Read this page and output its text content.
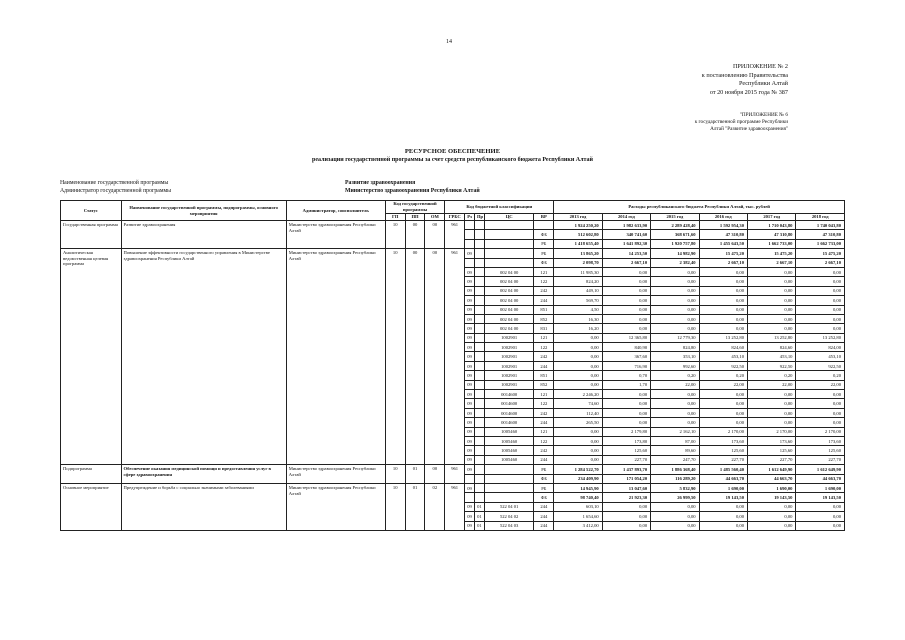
14
ПРИЛОЖЕНИЕ № 2
к постановлению Правительства
Республики Алтай
от 20 ноября 2015 года № 387
"ПРИЛОЖЕНИЕ № 6
к государственной программе Республики
Алтай "Развитие здравоохранения"
РЕСУРСНОЕ ОБЕСПЕЧЕНИЕ
реализации государственной программы за счет средств республиканского бюджета Республики Алтай
Наименование государственной программы
Администратор государственной программы
Развитие здравоохранения
Министерство здравоохранения Республики Алтай
Статус	Наименование государственной программы, подпрограммы, основного мероприятия	Администратор, соисполнитель	Код государственной программы			Код бюджетной классификации					Расходы республиканского бюджета Республики Алтай, тыс. рублей					
			ГП	ПП	ОМ	ГРБС	Рз	Пр	ЦС	ВР	2013 год	2014 год	2015 год	2016 год	2017 год	2018 год
Государственная программа	Развитие здравоохранения	Министерство здравоохранения Республики Алтай	10	00	00	961					1 924 250,20	1 982 633,90	2 289 428,40	1 592 954,30	1 710 043,80	1 740 043,80
										ФБ	512 602,80	340 741,60	368 671,60	47 310,80	47 310,80	47 310,80
										РБ	1 418 655,40	1 641 892,30	1 920 757,80	1 455 643,50	1 662 733,00	1 662 733,00
Аналитическая ведомственная целевая программа	Повышение эффективности государственного управления в Министерстве здравоохранения Республики Алтай	Министерство здравоохранения Республики Алтай	10	00	00	961	09			РБ	13 865,20	14 253,50	14 982,90	15 475,20	15 475,20	15 475,20
										ФБ	2 098,70	2 667,10	2 382,40	2 667,10	2 667,10	2 667,10
							09		002 04 00	121	11 985,30	0,00	0,00	0,00	0,00	0,00
							09		002 04 00	122	824,20	0,00	0,00	0,00	0,00	0,00
							09		002 04 00	242	449,10	0,00	0,00	0,00	0,00	0,00
							09		002 04 00	244	569,70	0,00	0,00	0,00	0,00	0,00
							09		002 04 00	851	4,50	0,00	0,00	0,00	0,00	0,00
							09		002 04 00	852	16,30	0,00	0,00	0,00	0,00	0,00
							09		002 04 00	831	16,20	0,00	0,00	0,00	0,00	0,00
							09		1002901	121	0,00	12 365,80	12 779,30	13 252,80	13 252,80	13 252,80
							09		1002901	122	0,00	840,90	824,80	824,60	824,60	824,00
							09		1002901	242	0,00	367,60	353,10	453,10	453,10	453,10
							09		1002901	244	0,00	716,90	992,60	922,50	922,50	922,50
							09		1002901	851	0,00	0,70	0,20	0,20	0,20	0,20
							09		1002901	852	0,00	1,70	22,00	22,00	22,00	22,00
							09		0014600	121	2 246,20	0,00	0,00	0,00	0,00	0,00
							09		0014600	122	74,60	0,00	0,00	0,00	0,00	0,00
							09		0014600	242	112,40	0,00	0,00	0,00	0,00	0,00
							09		0014600	244	265,50	0,00	0,00	0,00	0,00	0,00
							09		1005460	121	0,00	2 179,80	2 162,10	2 170,00	2 170,00	2 170,00
							09		1005460	122	0,00	173,80	87,00	173,60	173,60	173,60
							09		1005460	242	0,00	125,60	89,60	125,60	125,60	125,60
							09		1005460	244	0,00	227,70	247,70	227,70	227,70	227,70
Подпрограмма	Обеспечение оказания медицинской помощи и предоставления услуг в сфере здравоохранения	Министерство здравоохранения Республики Алтай	10	01	00	961	09			РБ	1 284 522,70	1 437 893,70	1 886 368,40	1 485 560,40	1 612 649,90	1 612 649,90
										ФБ	234 409,90	171 054,20	116 289,20	44 663,70	44 663,70	44 663,70
Основное мероприятие	Предупреждение и борьба с социально значимыми заболеваниями	Министерство здравоохранения Республики Алтай	10	01	02	961	09			РБ	14 945,90	13 047,60	5 832,90	1 690,00	1 690,00	1 690,00
										ФБ	98 740,40	21 923,30	26 999,50	19 143,50	19 143,50	19 143,50
							09	01	522 04 01	244	603,10	0,00	0,00	0,00	0,00	0,00
							09	01	522 04 02	244	1 654,60	0,00	0,00	0,00	0,00	0,00
							09	01	522 04 03	244	3 412,00	0,00	0,00	0,00	0,00	0,00
